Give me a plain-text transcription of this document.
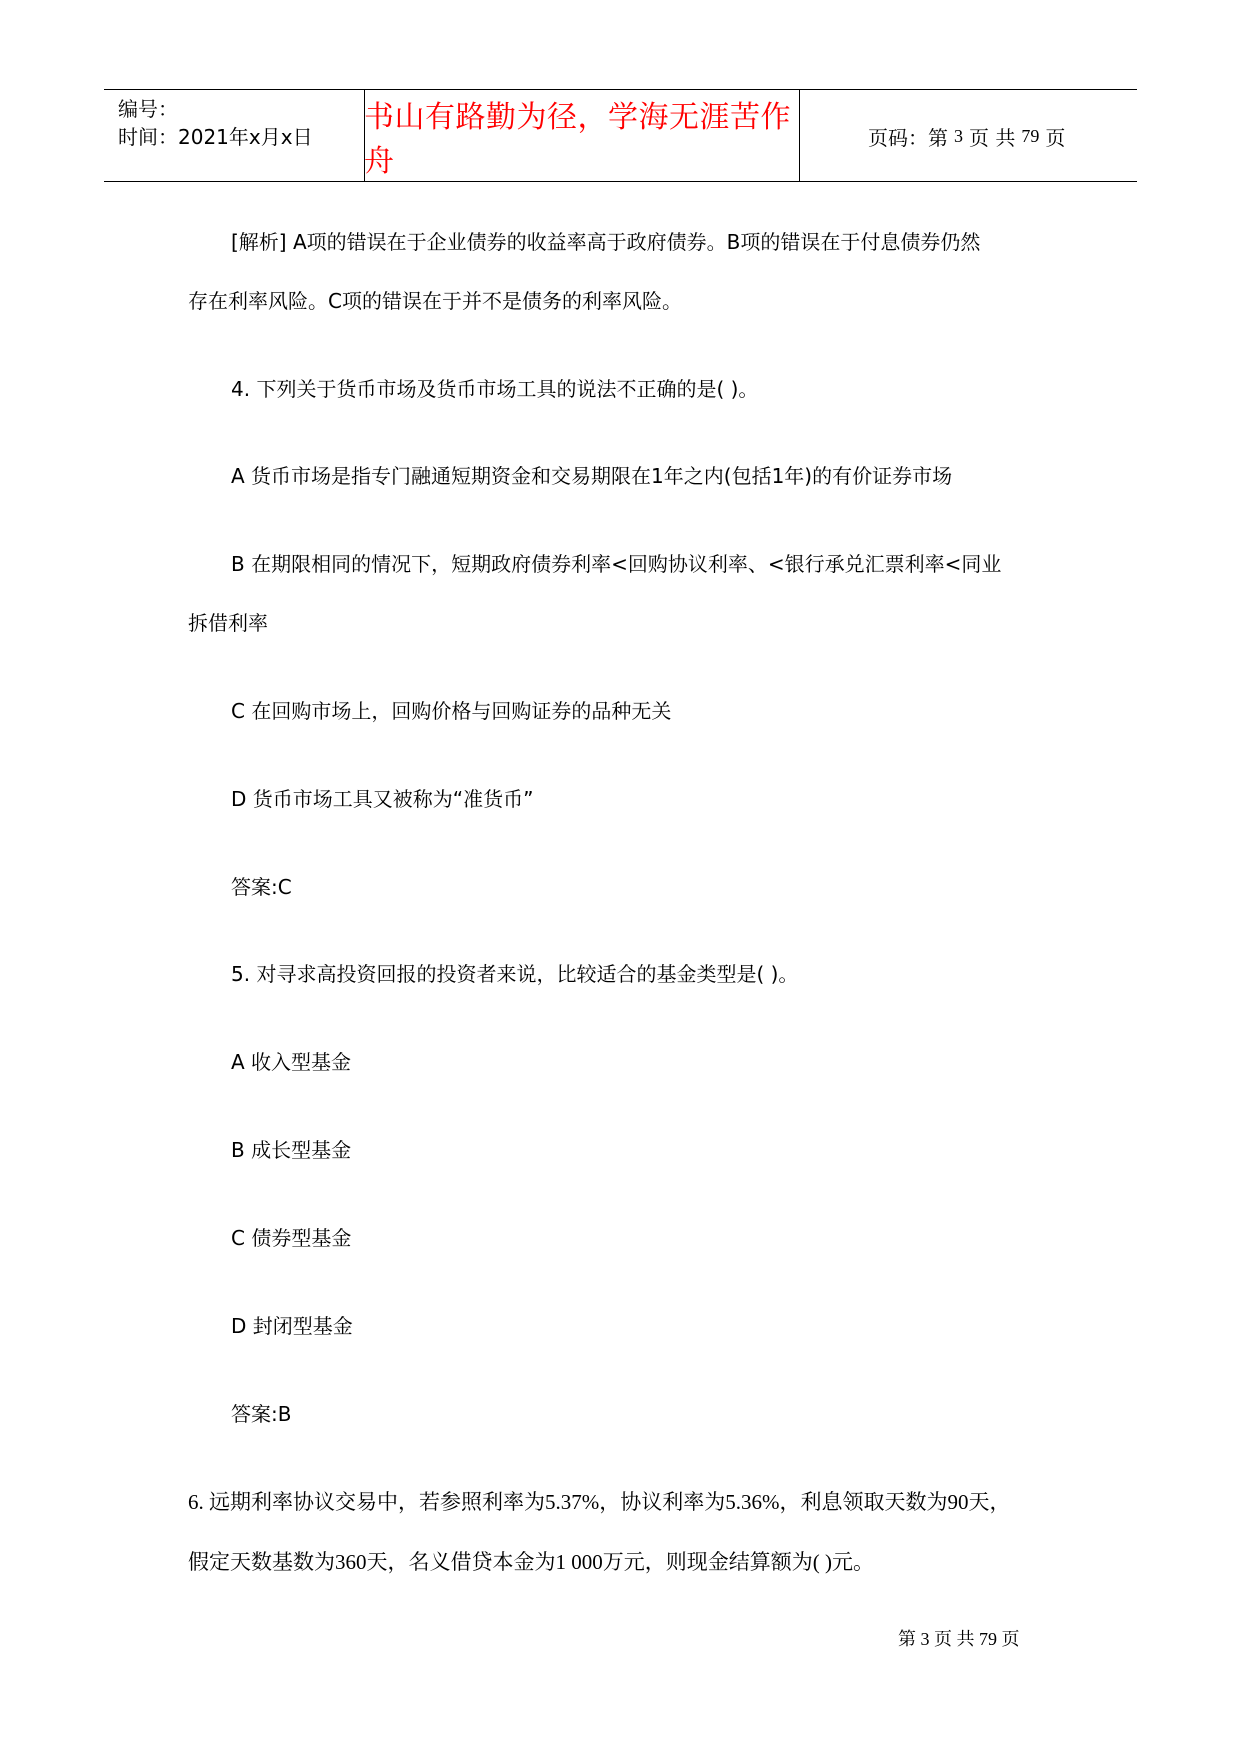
编号：
时间：2021年x月x日
书山有路勤为径，学海无涯苦作舟
页码：第 3 页 共 79 页
[解析] A项的错误在于企业债券的收益率高于政府债券。B项的错误在于付息债券仍然
存在利率风险。C项的错误在于并不是债务的利率风险。
4. 下列关于货币市场及货币市场工具的说法不正确的是( )。
A 货币市场是指专门融通短期资金和交易期限在1年之内(包括1年)的有价证券市场
B 在期限相同的情况下，短期政府债券利率<回购协议利率、<银行承兑汇票利率<同业
拆借利率
C 在回购市场上，回购价格与回购证券的品种无关
D 货币市场工具又被称为“准货币”
答案:C
5. 对寻求高投资回报的投资者来说，比较适合的基金类型是( )。
A 收入型基金
B 成长型基金
C 债券型基金
D 封闭型基金
答案:B
6. 远期利率协议交易中，若参照利率为5.37%，协议利率为5.36%，利息领取天数为90天，
假定天数基数为360天，名义借贷本金为1 000万元，则现金结算额为( )元。
第 3 页 共 79 页
